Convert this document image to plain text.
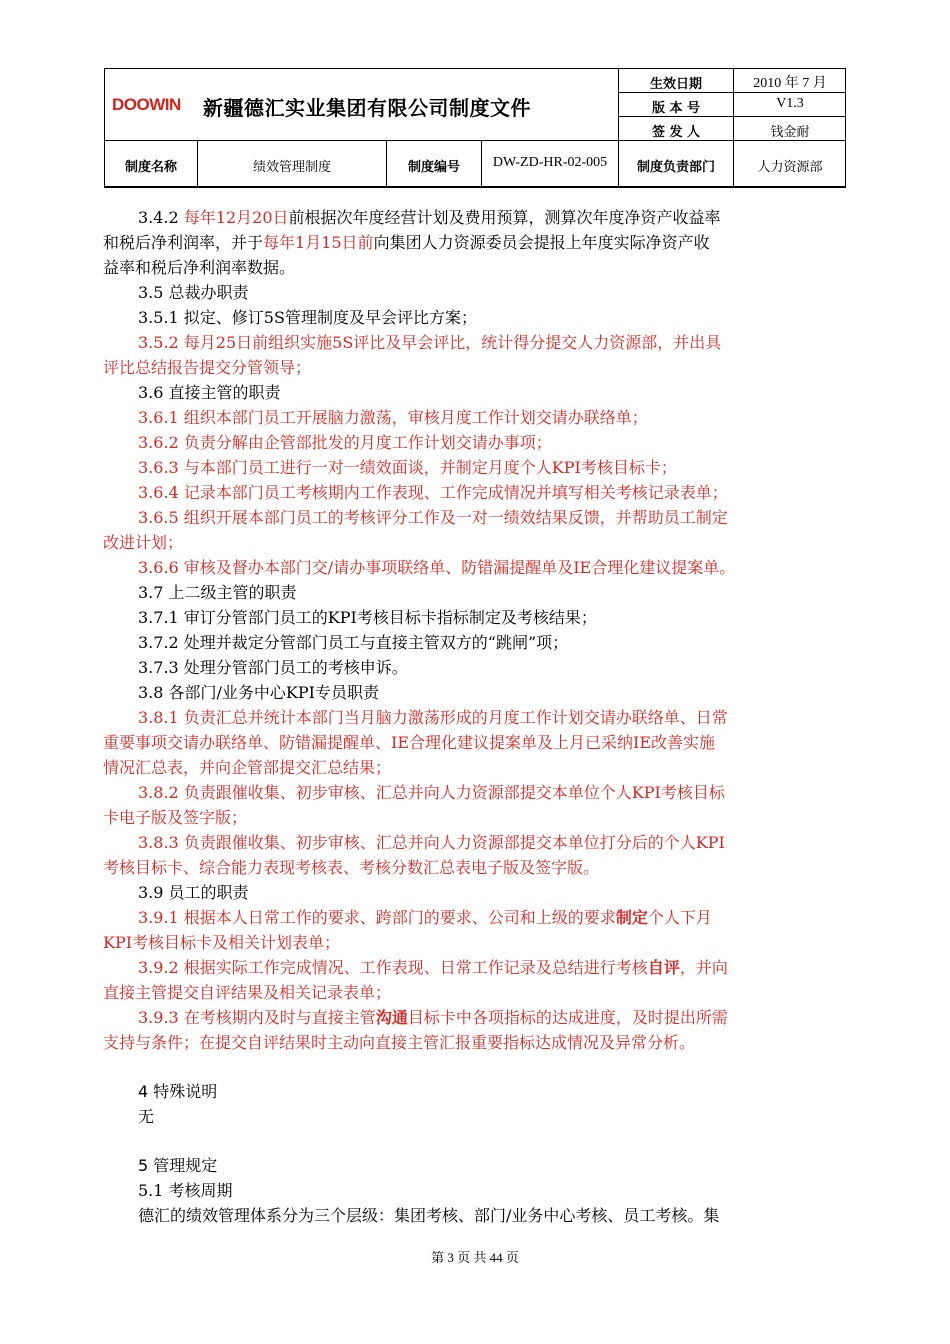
DOOWIN 新疆德汇实业集团有限公司制度文件
生效日期	2010 年 7 月
版 本 号	V1.3
签 发 人	钱金耐
制度名称	绩效管理制度	制度编号	DW-ZD-HR-02-005	制度负责部门	人力资源部
3.4.2 每年12月20日前根据次年度经营计划及费用预算，测算次年度净资产收益率
和税后净利润率，并于每年1月15日前向集团人力资源委员会提报上年度实际净资产收
益率和税后净利润率数据。
3.5 总裁办职责
3.5.1 拟定、修订5S管理制度及早会评比方案；
3.5.2 每月25日前组织实施5S评比及早会评比，统计得分提交人力资源部，并出具
评比总结报告提交分管领导；
3.6 直接主管的职责
3.6.1 组织本部门员工开展脑力激荡，审核月度工作计划交请办联络单；
3.6.2 负责分解由企管部批发的月度工作计划交请办事项；
3.6.3 与本部门员工进行一对一绩效面谈，并制定月度个人KPI考核目标卡；
3.6.4 记录本部门员工考核期内工作表现、工作完成情况并填写相关考核记录表单；
3.6.5 组织开展本部门员工的考核评分工作及一对一绩效结果反馈，并帮助员工制定
改进计划；
3.6.6 审核及督办本部门交/请办事项联络单、防错漏提醒单及IE合理化建议提案单。
3.7 上二级主管的职责
3.7.1 审订分管部门员工的KPI考核目标卡指标制定及考核结果；
3.7.2 处理并裁定分管部门员工与直接主管双方的“跳闸”项；
3.7.3 处理分管部门员工的考核申诉。
3.8 各部门/业务中心KPI专员职责
3.8.1 负责汇总并统计本部门当月脑力激荡形成的月度工作计划交请办联络单、日常
重要事项交请办联络单、防错漏提醒单、IE合理化建议提案单及上月已采纳IE改善实施
情况汇总表，并向企管部提交汇总结果；
3.8.2 负责跟催收集、初步审核、汇总并向人力资源部提交本单位个人KPI考核目标
卡电子版及签字版；
3.8.3 负责跟催收集、初步审核、汇总并向人力资源部提交本单位打分后的个人KPI
考核目标卡、综合能力表现考核表、考核分数汇总表电子版及签字版。
3.9 员工的职责
3.9.1 根据本人日常工作的要求、跨部门的要求、公司和上级的要求制定个人下月
KPI考核目标卡及相关计划表单；
3.9.2 根据实际工作完成情况、工作表现、日常工作记录及总结进行考核自评，并向
直接主管提交自评结果及相关记录表单；
3.9.3 在考核期内及时与直接主管沟通目标卡中各项指标的达成进度，及时提出所需
支持与条件；在提交自评结果时主动向直接主管汇报重要指标达成情况及异常分析。
4 特殊说明
无
5 管理规定
5.1 考核周期
德汇的绩效管理体系分为三个层级：集团考核、部门/业务中心考核、员工考核。集
第 3 页 共 44 页
